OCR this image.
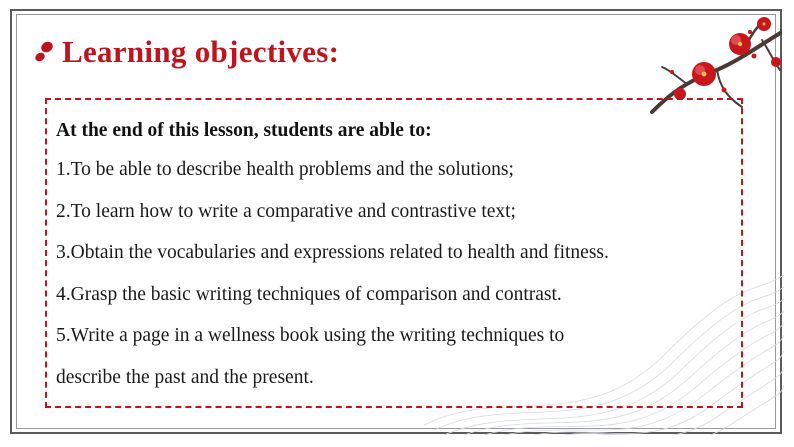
Learning objectives:
At the end of this lesson, students are able to:
1.To be able to describe health problems and the solutions;
2.To learn how to write a comparative and contrastive text;
3.Obtain the vocabularies and expressions related to health and fitness.
4.Grasp the basic writing techniques of comparison and contrast.
5.Write a page in a wellness book using the writing techniques to
describe the past and the present.
